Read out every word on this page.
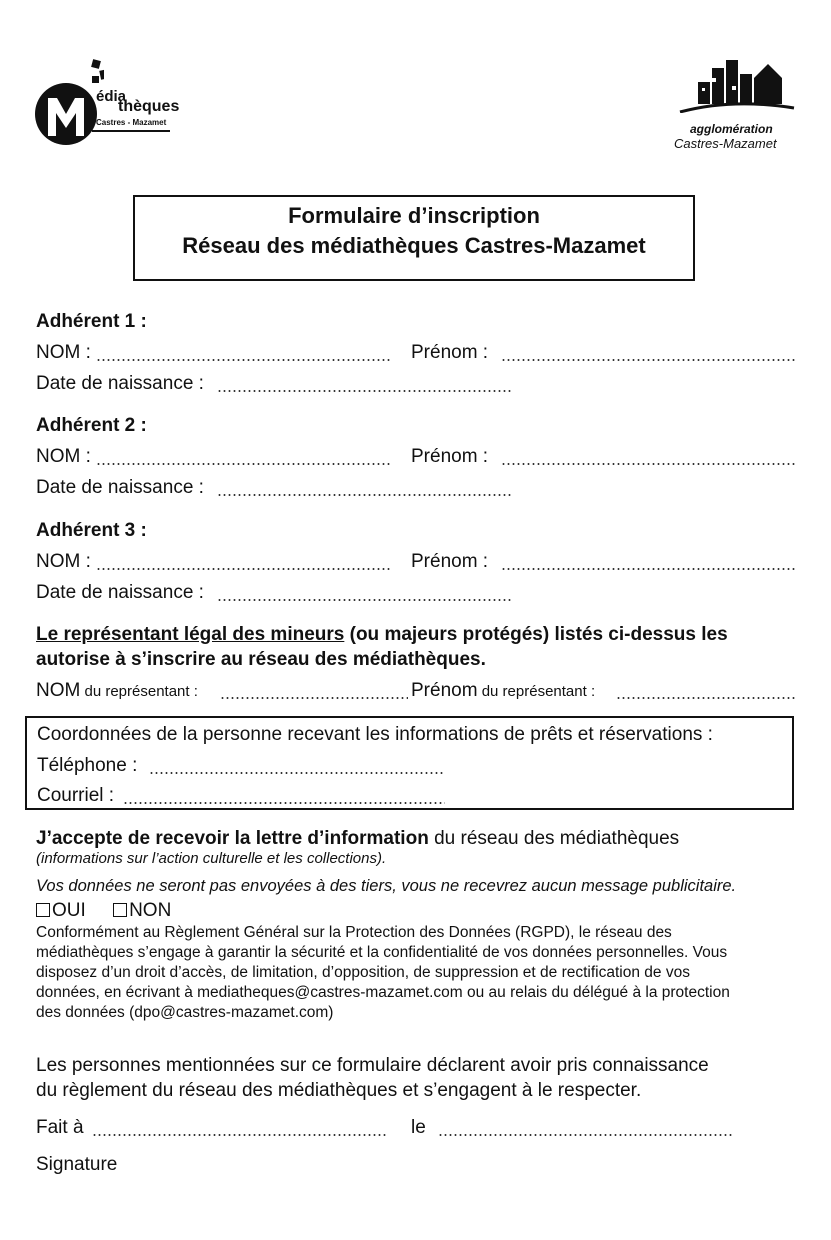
édia
thèques
Castres - Mazamet	agglomération
Castres-Mazamet
Formulaire d’inscription
Réseau des médiathèques Castres-Mazamet
Adhérent 1 :
NOM :	Prénom :
Date de naissance :
Adhérent 2 :
NOM :	Prénom :
Date de naissance :
Adhérent 3 :
NOM :	Prénom :
Date de naissance :
Le représentant légal des mineurs (ou majeurs protégés) listés ci-dessus les
autorise à s’inscrire au réseau des médiathèques.
NOM du représentant :	Prénom du représentant :
Coordonnées de la personne recevant les informations de prêts et réservations :
Téléphone :
Courriel :
J’accepte de recevoir la lettre d’information du réseau des médiathèques
(informations sur l’action culturelle et les collections).
Vos données ne seront pas envoyées à des tiers, vous ne recevrez aucun message publicitaire.
OUI NON
Conformément au Règlement Général sur la Protection des Données (RGPD), le réseau des
médiathèques s’engage à garantir la sécurité et la confidentialité de vos données personnelles. Vous
disposez d’un droit d’accès, de limitation, d’opposition, de suppression et de rectification de vos
données, en écrivant à mediatheques@castres-mazamet.com ou au relais du délégué à la protection
des données (dpo@castres-mazamet.com)
Les personnes mentionnées sur ce formulaire déclarent avoir pris connaissance
du règlement du réseau des médiathèques et s’engagent à le respecter.
Fait à	le
Signature
